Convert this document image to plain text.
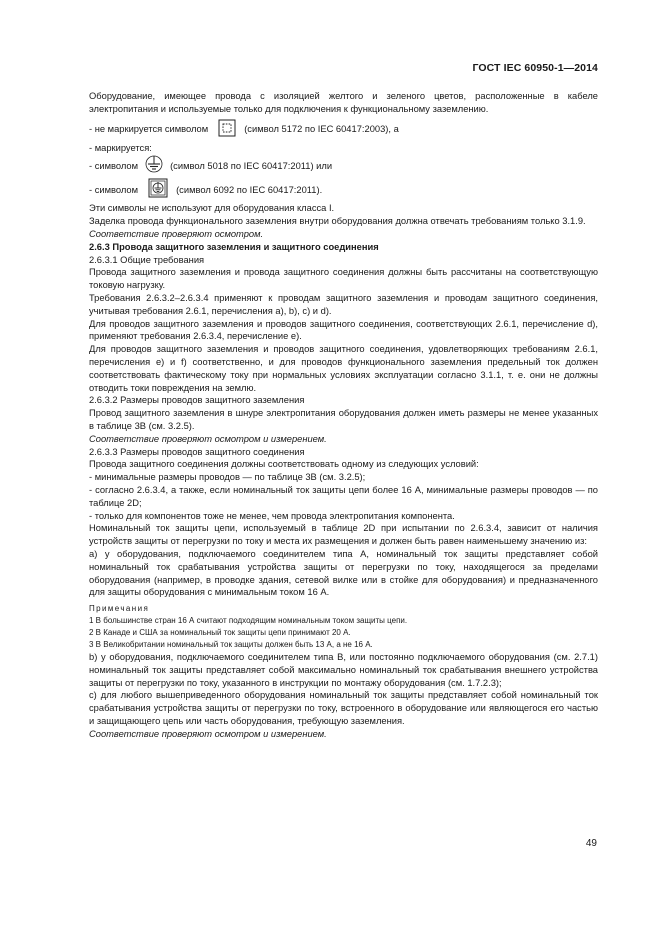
ГОСТ IEC 60950-1—2014

Оборудование, имеющее провода с изоляцией желтого и зеленого цветов, расположенные в кабеле электропитания и используемые только для подключения к функциональному заземлению.

- не маркируется символом	(символ 5172 по IEC 60417:2003), а

- маркируется:

- символом	(символ 5018 по IEC 60417:2011) или
- символом	(символ 6092 по IEC 60417:2011).

Эти символы не используют для оборудования класса I.

Заделка провода функционального заземления внутри оборудования должна отвечать требованиям только 3.1.9.

Соответствие проверяют осмотром.

2.6.3 Провода защитного заземления и защитного соединения

2.6.3.1 Общие требования

Провода защитного заземления и провода защитного соединения должны быть рассчитаны на соответствующую токовую нагрузку.

Требования 2.6.3.2–2.6.3.4 применяют к проводам защитного заземления и проводам защитного соединения, учитывая требования 2.6.1, перечисления a), b), c) и d).

Для проводов защитного заземления и проводов защитного соединения, соответствующих 2.6.1, перечисление d), применяют требования 2.6.3.4, перечисление e).

Для проводов защитного заземления и проводов защитного соединения, удовлетворяющих требованиям 2.6.1, перечисления e) и f) соответственно, и для проводов функционального заземления предельный ток должен соответствовать фактическому току при нормальных условиях эксплуатации согласно 3.1.1, т. е. они не должны отводить токи повреждения на землю.

2.6.3.2 Размеры проводов защитного заземления

Провод защитного заземления в шнуре электропитания оборудования должен иметь размеры не менее указанных в таблице 3В (см. 3.2.5).

Соответствие проверяют осмотром и измерением.

2.6.3.3 Размеры проводов защитного соединения

Провода защитного соединения должны соответствовать одному из следующих условий:

- минимальные размеры проводов — по таблице 3В (см. 3.2.5);

- согласно 2.6.3.4, а также, если номинальный ток защиты цепи более 16 А, минимальные размеры проводов — по таблице 2D;

- только для компонентов тоже не менее, чем провода электропитания компонента.

Номинальный ток защиты цепи, используемый в таблице 2D при испытании по 2.6.3.4, зависит от наличия устройств защиты от перегрузки по току и места их размещения и должен быть равен наименьшему значению из:

a) у оборудования, подключаемого соединителем типа А, номинальный ток защиты представляет собой номинальный ток срабатывания устройства защиты от перегрузки по току, находящегося за пределами оборудования (например, в проводке здания, сетевой вилке или в стойке для оборудования) и предназначенного для защиты оборудования с минимальным током 16 А.

Примечания

1 В большинстве стран 16 А считают подходящим номинальным током защиты цепи.

2 В Канаде и США за номинальный ток защиты цепи принимают 20 А.

3 В Великобритании номинальный ток защиты должен быть 13 А, а не 16 А.

b) у оборудования, подключаемого соединителем типа В, или постоянно подключаемого оборудования (см. 2.7.1) номинальный ток защиты представляет собой максимально номинальный ток срабатывания внешнего устройства защиты от перегрузки по току, указанного в инструкции по монтажу оборудования (см. 1.7.2.3);

c) для любого вышеприведенного оборудования номинальный ток защиты представляет собой номинальный ток срабатывания устройства защиты от перегрузки по току, встроенного в оборудование или являющегося его частью и защищающего цепь или часть оборудования, требующую заземления.

Соответствие проверяют осмотром и измерением.

49
